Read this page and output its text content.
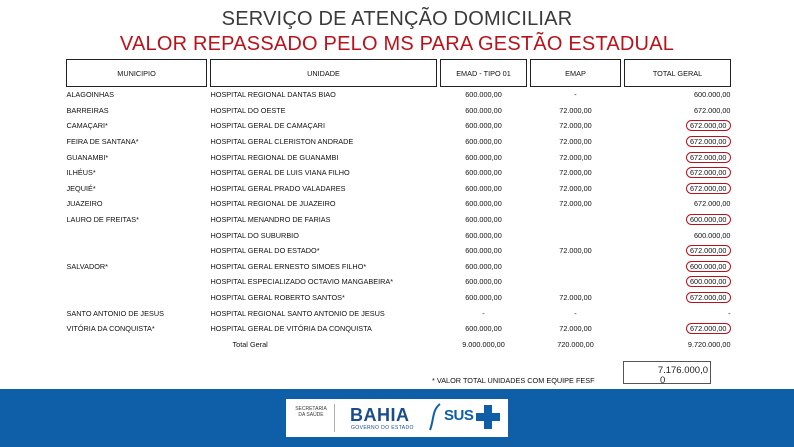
SERVIÇO DE ATENÇÃO DOMICILIAR
VALOR REPASSADO PELO MS PARA GESTÃO ESTADUAL
MUNICIPIO		UNIDADE		EMAD - TIPO 01		EMAP		TOTAL GERAL
ALAGOINHAS		HOSPITAL REGIONAL DANTAS BIAO		600.000,00		-		600.000,00
BARREIRAS		HOSPITAL DO OESTE		600.000,00		72.000,00		672.000,00
CAMAÇARI*		HOSPITAL GERAL DE CAMAÇARI		600.000,00		72.000,00		672.000,00
FEIRA DE SANTANA*		HOSPITAL GERAL CLERISTON ANDRADE		600.000,00		72.000,00		672.000,00
GUANAMBI*		HOSPITAL REGIONAL DE GUANAMBI		600.000,00		72.000,00		672.000,00
ILHÉUS*		HOSPITAL GERAL DE LUIS VIANA FILHO		600.000,00		72.000,00		672.000,00
JEQUIÉ*		HOSPITAL GERAL PRADO VALADARES		600.000,00		72.000,00		672.000,00
JUAZEIRO		HOSPITAL REGIONAL DE JUAZEIRO		600.000,00		72.000,00		672.000,00
LAURO DE FREITAS*		HOSPITAL MENANDRO DE FARIAS		600.000,00				600.000,00
SALVADOR*		HOSPITAL DO SUBURBIO		600.000,00				600.000,00
		HOSPITAL GERAL DO ESTADO*		600.000,00		72.000,00		672.000,00
		HOSPITAL GERAL ERNESTO SIMOES FILHO*		600.000,00				600.000,00
		HOSPITAL ESPECIALIZADO OCTAVIO MANGABEIRA*		600.000,00				600.000,00
		HOSPITAL GERAL ROBERTO SANTOS*		600.000,00		72.000,00		672.000,00
SANTO ANTONIO DE JESUS		HOSPITAL REGIONAL SANTO ANTONIO DE JESUS		-		-		-
VITÓRIA DA CONQUISTA*		HOSPITAL GERAL DE VITÓRIA DA CONQUISTA		600.000,00		72.000,00		672.000,00
		Total Geral		9.000.000,00		720.000,00		9.720.000,00
* VALOR TOTAL UNIDADES COM EQUIPE FESF
7.176.000,0
0
SECRETARIA DA SAÚDE BAHIA
GOVERNO DO ESTADO
SUS
